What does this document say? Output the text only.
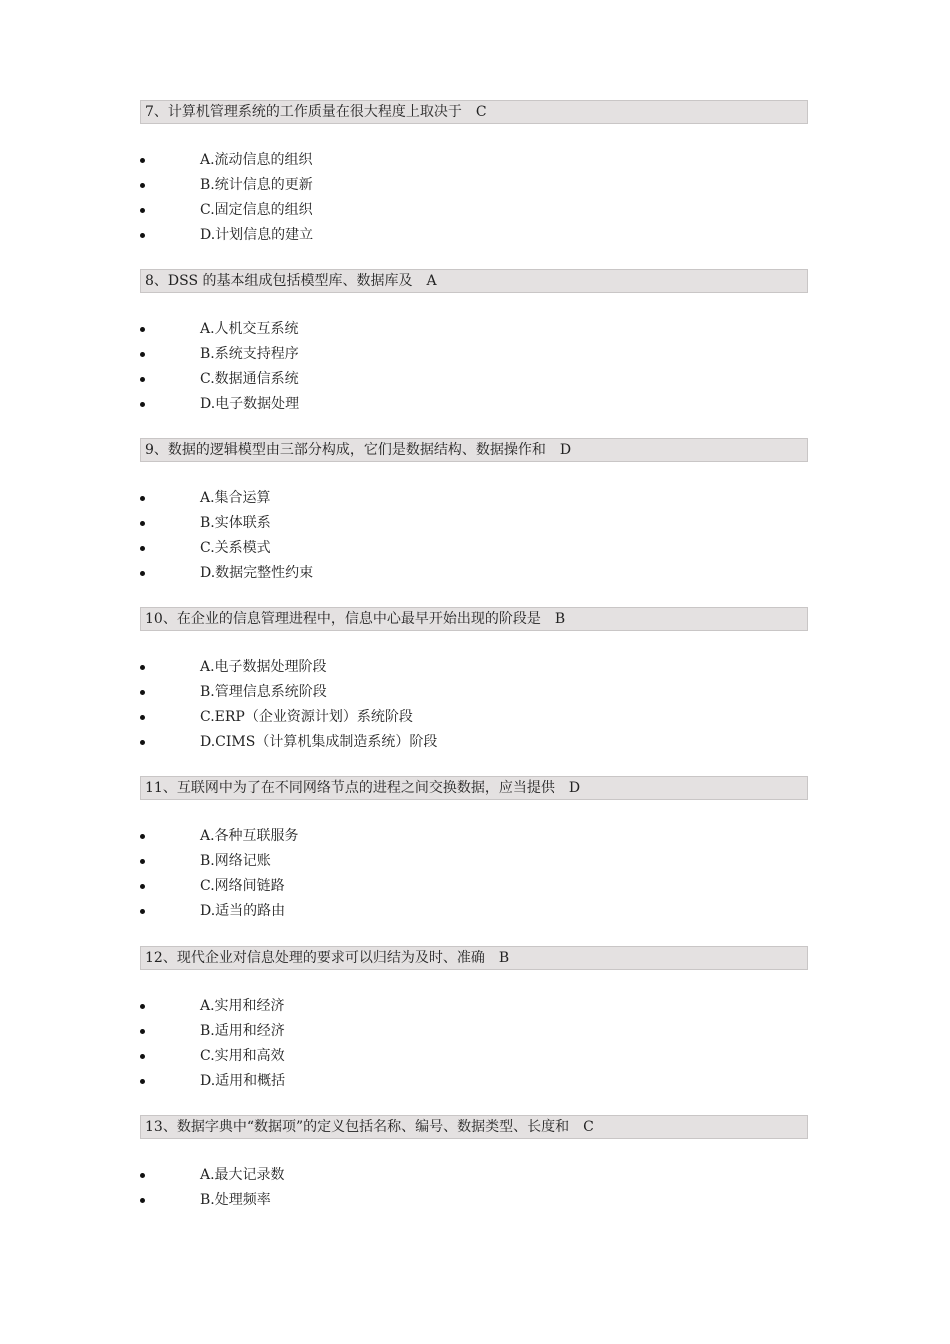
7、计算机管理系统的工作质量在很大程度上取决于 C
A.流动信息的组织
B.统计信息的更新
C.固定信息的组织
D.计划信息的建立
8、DSS 的基本组成包括模型库、数据库及 A
A.人机交互系统
B.系统支持程序
C.数据通信系统
D.电子数据处理
9、数据的逻辑模型由三部分构成，它们是数据结构、数据操作和 D
A.集合运算
B.实体联系
C.关系模式
D.数据完整性约束
10、在企业的信息管理进程中，信息中心最早开始出现的阶段是 B
A.电子数据处理阶段
B.管理信息系统阶段
C.ERP（企业资源计划）系统阶段
D.CIMS（计算机集成制造系统）阶段
11、互联网中为了在不同网络节点的进程之间交换数据，应当提供 D
A.各种互联服务
B.网络记账
C.网络间链路
D.适当的路由
12、现代企业对信息处理的要求可以归结为及时、准确 B
A.实用和经济
B.适用和经济
C.实用和高效
D.适用和概括
13、数据字典中“数据项”的定义包括名称、编号、数据类型、长度和 C
A.最大记录数
B.处理频率
